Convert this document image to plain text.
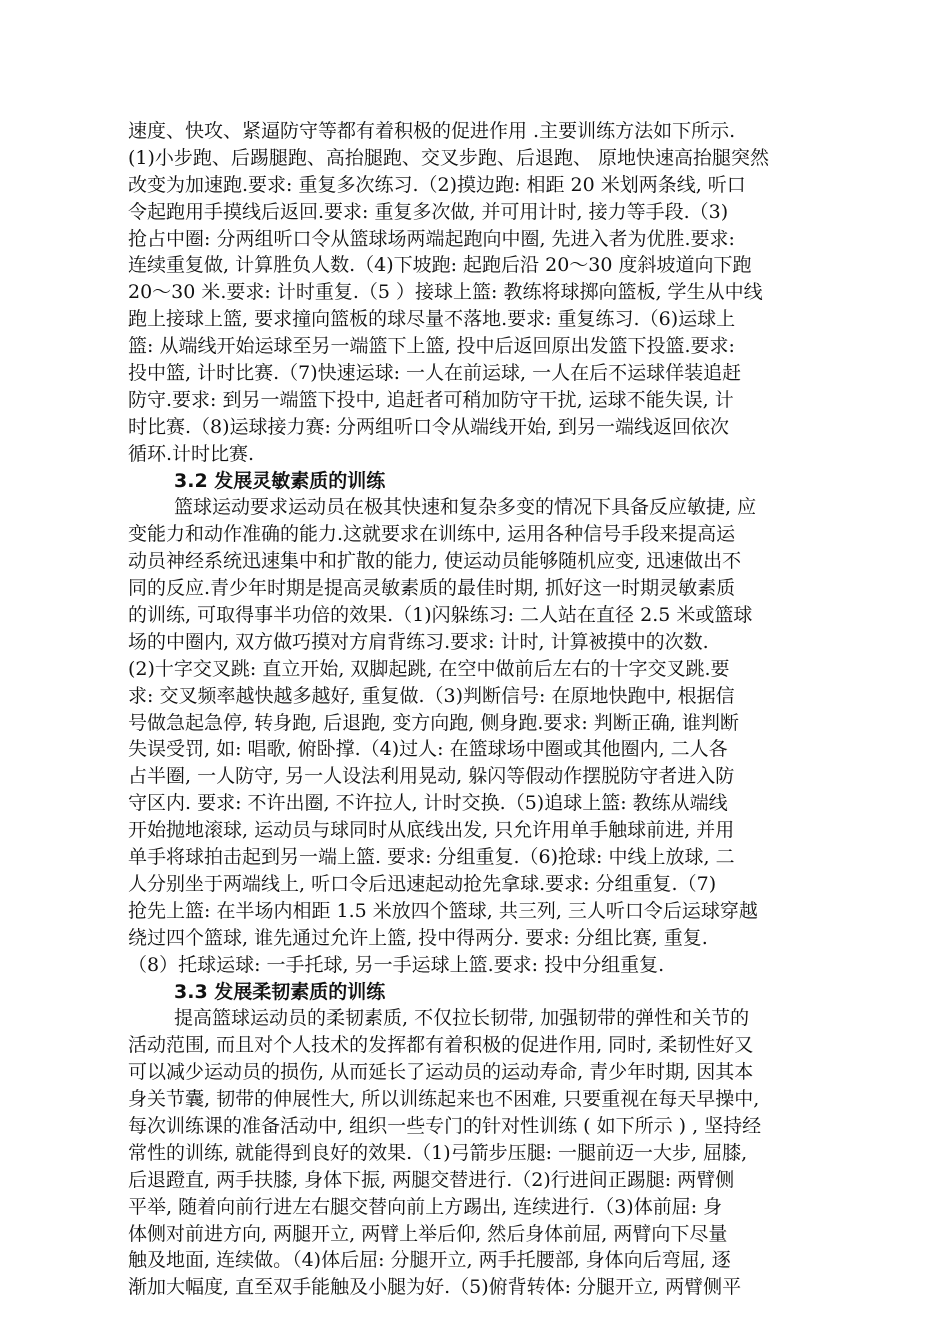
速度、快攻、紧逼防守等都有着积极的促进作用 .主要训练方法如下所示.
(1)小步跑、后踢腿跑、高抬腿跑、交叉步跑、后退跑、 原地快速高抬腿突然
改变为加速跑.要求: 重复多次练习.（2)摸边跑: 相距 20 米划两条线, 听口
令起跑用手摸线后返回.要求: 重复多次做, 并可用计时, 接力等手段.（3)
抢占中圈: 分两组听口令从篮球场两端起跑向中圈, 先进入者为优胜.要求:
连续重复做, 计算胜负人数.（4)下坡跑: 起跑后沿 20～30 度斜坡道向下跑
20～30 米.要求: 计时重复.（5 ）接球上篮: 教练将球掷向篮板, 学生从中线
跑上接球上篮, 要求撞向篮板的球尽量不落地.要求: 重复练习.（6)运球上
篮: 从端线开始运球至另一端篮下上篮, 投中后返回原出发篮下投篮.要求:
投中篮, 计时比赛.（7)快速运球: 一人在前运球, 一人在后不运球佯装追赶
防守.要求: 到另一端篮下投中, 追赶者可稍加防守干扰, 运球不能失误, 计
时比赛.（8)运球接力赛: 分两组听口令从端线开始, 到另一端线返回依次
循环.计时比赛.
3.2 发展灵敏素质的训练
篮球运动要求运动员在极其快速和复杂多变的情况下具备反应敏捷, 应
变能力和动作准确的能力.这就要求在训练中, 运用各种信号手段来提高运
动员神经系统迅速集中和扩散的能力, 使运动员能够随机应变, 迅速做出不
同的反应.青少年时期是提高灵敏素质的最佳时期, 抓好这一时期灵敏素质
的训练, 可取得事半功倍的效果.（1)闪躲练习: 二人站在直径 2.5 米或篮球
场的中圈内, 双方做巧摸对方肩背练习.要求: 计时, 计算被摸中的次数.
(2)十字交叉跳: 直立开始, 双脚起跳, 在空中做前后左右的十字交叉跳.要
求: 交叉频率越快越多越好, 重复做.（3)判断信号: 在原地快跑中, 根据信
号做急起急停, 转身跑, 后退跑, 变方向跑, 侧身跑.要求: 判断正确, 谁判断
失误受罚, 如: 唱歌, 俯卧撑.（4)过人: 在篮球场中圈或其他圈内, 二人各
占半圈, 一人防守, 另一人设法利用晃动, 躲闪等假动作摆脱防守者进入防
守区内. 要求: 不许出圈, 不许拉人, 计时交换.（5)追球上篮: 教练从端线
开始抛地滚球, 运动员与球同时从底线出发, 只允许用单手触球前进, 并用
单手将球拍击起到另一端上篮. 要求: 分组重复.（6)抢球: 中线上放球, 二
人分别坐于两端线上, 听口令后迅速起动抢先拿球.要求: 分组重复.（7)
抢先上篮: 在半场内相距 1.5 米放四个篮球, 共三列, 三人听口令后运球穿越
绕过四个篮球, 谁先通过允许上篮, 投中得两分. 要求: 分组比赛, 重复.
（8）托球运球: 一手托球, 另一手运球上篮.要求: 投中分组重复.
3.3 发展柔韧素质的训练
提高篮球运动员的柔韧素质, 不仅拉长韧带, 加强韧带的弹性和关节的
活动范围, 而且对个人技术的发挥都有着积极的促进作用, 同时, 柔韧性好又
可以减少运动员的损伤, 从而延长了运动员的运动寿命, 青少年时期, 因其本
身关节囊, 韧带的伸展性大, 所以训练起来也不困难, 只要重视在每天早操中,
每次训练课的准备活动中, 组织一些专门的针对性训练 ( 如下所示 ) , 坚持经
常性的训练, 就能得到良好的效果.（1)弓箭步压腿: 一腿前迈一大步, 屈膝,
后退蹬直, 两手扶膝, 身体下振, 两腿交替进行.（2)行进间正踢腿: 两臂侧
平举, 随着向前行进左右腿交替向前上方踢出, 连续进行.（3)体前屈: 身
体侧对前进方向, 两腿开立, 两臂上举后仰, 然后身体前屈, 两臂向下尽量
触及地面, 连续做。（4)体后屈: 分腿开立, 两手托腰部, 身体向后弯屈, 逐
渐加大幅度, 直至双手能触及小腿为好.（5)俯背转体: 分腿开立, 两臂侧平
